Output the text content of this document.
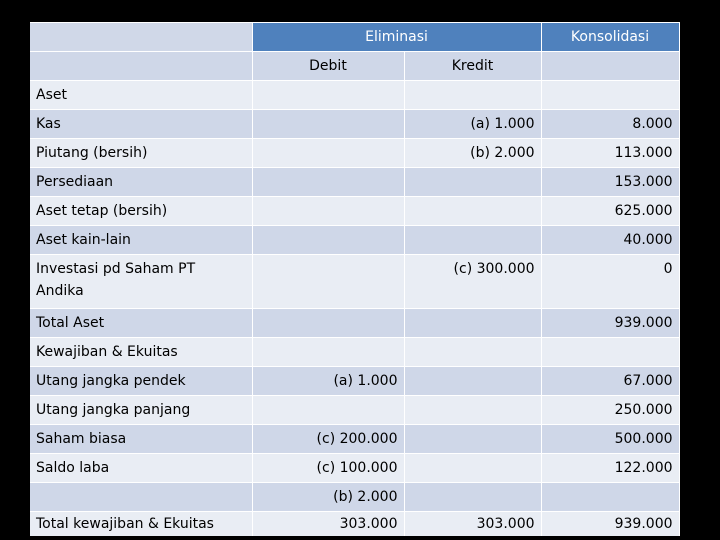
	Eliminasi		Konsolidasi
	Debit	Kredit	
Aset			
Kas		(a) 1.000	8.000
Piutang (bersih)		(b) 2.000	113.000
Persediaan			153.000
Aset tetap (bersih)			625.000
Aset kain-lain			40.000
Investasi pd Saham PT Andika		(c) 300.000	0
Total Aset			939.000
Kewajiban & Ekuitas			
Utang jangka pendek	(a) 1.000		67.000
Utang jangka panjang			250.000
Saham biasa	(c) 200.000		500.000
Saldo laba	(c) 100.000		122.000
	(b) 2.000		
Total kewajiban & Ekuitas	303.000	303.000	939.000
